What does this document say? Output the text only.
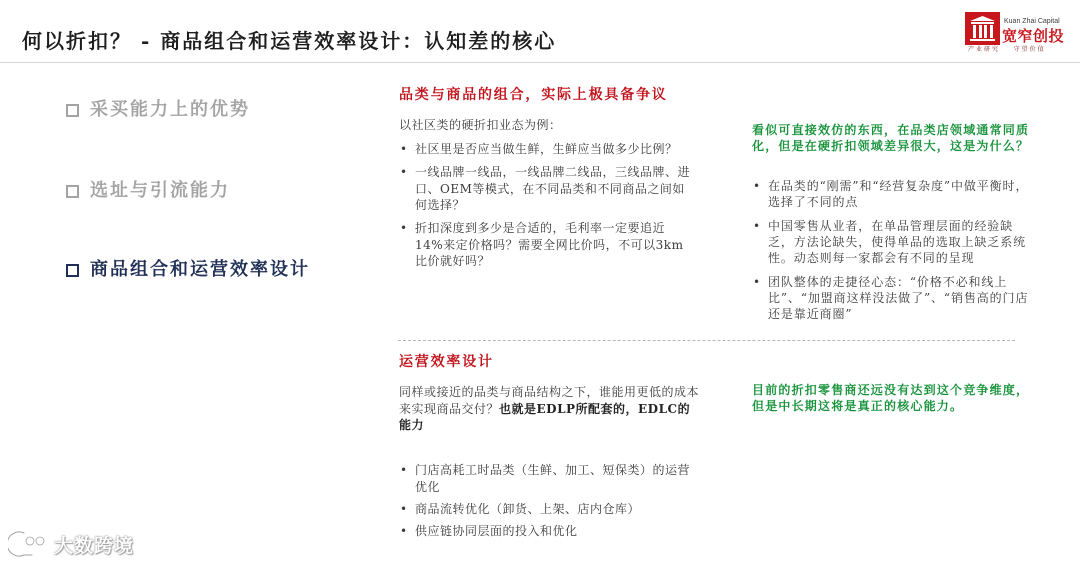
何以折扣？ - 商品组合和运营效率设计：认知差的核心
Kuan Zhai Capital
宽窄创投
产业研究 守望价值
采买能力上的优势
选址与引流能力
商品组合和运营效率设计
品类与商品的组合，实际上极具备争议
以社区类的硬折扣业态为例：
•
社区里是否应当做生鲜，生鲜应当做多少比例？
•
一线品牌一线品，一线品牌二线品，三线品牌、进口、OEM等模式，在不同品类和不同商品之间如何选择？
•
折扣深度到多少是合适的，毛利率一定要追近14%来定价格吗？需要全网比价吗，不可以3km比价就好吗？
看似可直接效仿的东西，在品类店领域通常同质化，但是在硬折扣领域差异很大，这是为什么？
•
在品类的“刚需”和“经营复杂度”中做平衡时，选择了不同的点
•
中国零售从业者，在单品管理层面的经验缺乏，方法论缺失，使得单品的选取上缺乏系统性。动态则每一家都会有不同的呈现
•
团队整体的走捷径心态：“价格不必和线上比”、“加盟商这样没法做了”、“销售高的门店还是靠近商圈”
运营效率设计
同样或接近的品类与商品结构之下，谁能用更低的成本来实现商品交付？也就是EDLP所配套的，EDLC的能力
•
门店高耗工时品类（生鲜、加工、短保类）的运营优化
•
商品流转优化（卸货、上架、店内仓库）
•
供应链协同层面的投入和优化
目前的折扣零售商还远没有达到这个竞争维度，但是中长期这将是真正的核心能力。
大数跨境
